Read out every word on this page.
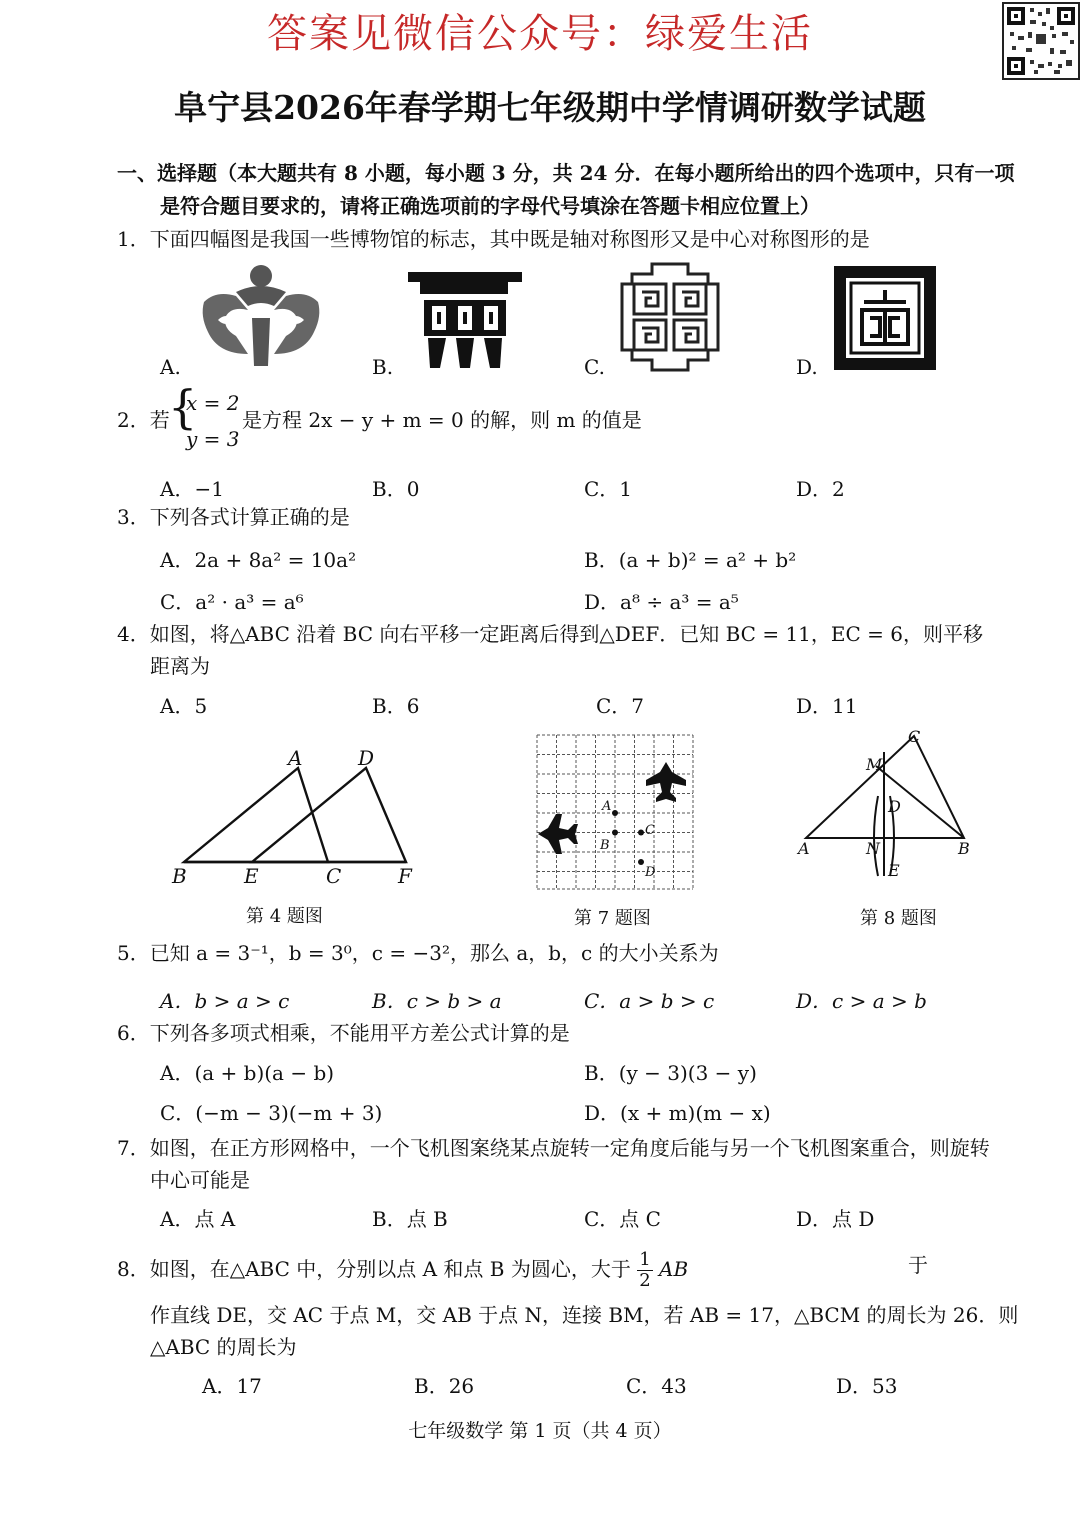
答案见微信公众号：绿爱生活
阜宁县2026年春学期七年级期中学情调研数学试题
一、选择题（本大题共有 8 小题，每小题 3 分，共 24 分．在每小题所给出的四个选项中，只有一项
是符合题目要求的，请将正确选项前的字母代号填涂在答题卡相应位置上）
1．下面四幅图是我国一些博物馆的标志，其中既是轴对称图形又是中心对称图形的是
A.	B.	C.	D.
2．若
{
x = 2
y = 3
是方程 2x − y + m = 0 的解，则 m 的值是
A．−1	B．0	C．1	D．2
3．下列各式计算正确的是
A．2a + 8a² = 10a²	B．(a + b)² = a² + b²
C．a² · a³ = a⁶	D．a⁸ ÷ a³ = a⁵
4．如图，将△ABC 沿着 BC 向右平移一定距离后得到△DEF．已知 BC = 11，EC = 6，则平移
距离为
A．5	B．6	C．7	D．11
A	D
B	E	C	F
第 4 题图
A
B
C
D
第 7 题图
C
M
D
A	N	B
E
第 8 题图
5．已知 a = 3⁻¹，b = 3⁰，c = −3²，那么 a，b，c 的大小关系为
A．b > a > c	B．c > b > a	C．a > b > c	D．c > a > b
6．下列各多项式相乘，不能用平方差公式计算的是
A．(a + b)(a − b)	B．(y − 3)(3 − y)
C．(−m − 3)(−m + 3)	D．(x + m)(m − x)
7．如图，在正方形网格中，一个飞机图案绕某点旋转一定角度后能与另一个飞机图案重合，则旋转
中心可能是
A．点 A	B．点 B	C．点 C	D．点 D
8．如图，在△ABC 中，分别以点 A 和点 B 为圆心，大于 $\frac{1}{2}$ AB	于
作直线 DE，交 AC 于点 M，交 AB 于点 N，连接 BM，若 AB = 17，△BCM 的周长为 26．则
△ABC 的周长为
A．17	B．26	C．43	D．53
七年级数学 第 1 页（共 4 页）
